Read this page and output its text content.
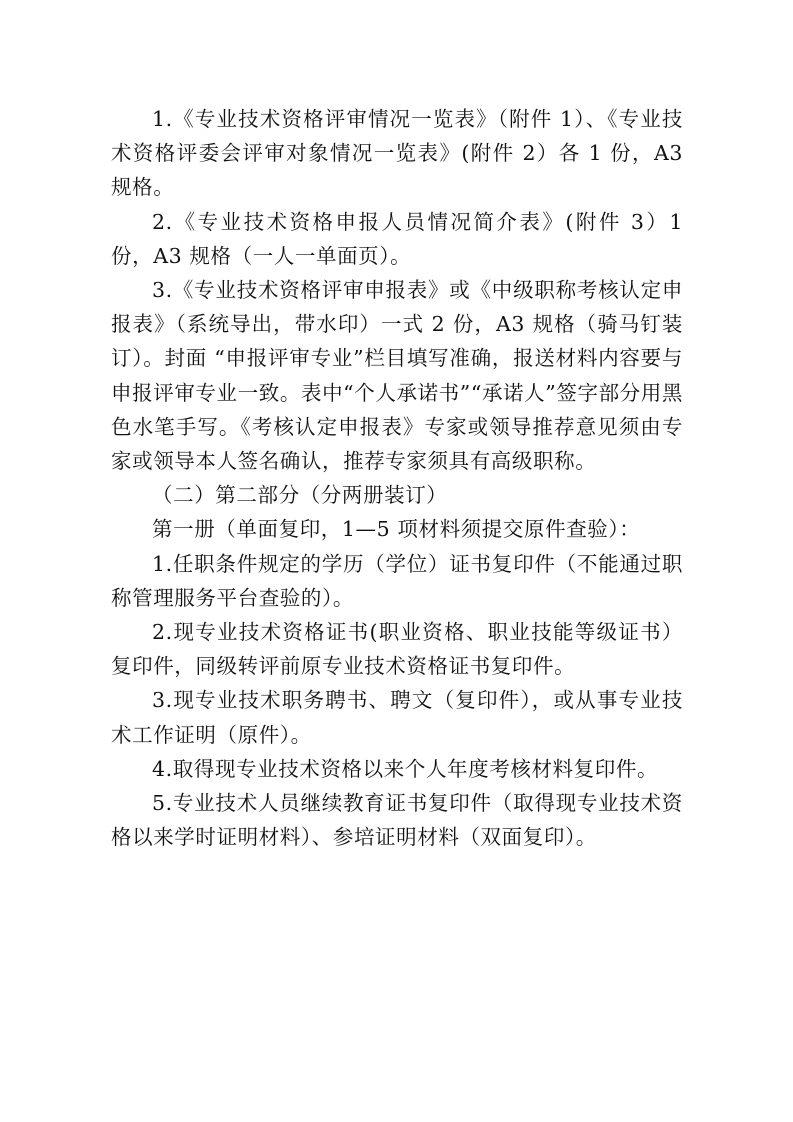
1.《专业技术资格评审情况一览表》（附件 1）、《专业技术资格评委会评审对象情况一览表》(附件 2）各 1 份，A3 规格。

2.《专业技术资格申报人员情况简介表》(附件 3）1 份，A3 规格（一人一单面页）。

3.《专业技术资格评审申报表》或《中级职称考核认定申报表》（系统导出，带水印）一式 2 份，A3 规格（骑马钉装订）。封面 “申报评审专业”栏目填写准确，报送材料内容要与申报评审专业一致。表中“个人承诺书”“承诺人”签字部分用黑色水笔手写。《考核认定申报表》专家或领导推荐意见须由专家或领导本人签名确认，推荐专家须具有高级职称。

（二）第二部分（分两册装订）

第一册（单面复印，1—5 项材料须提交原件查验）：

1.任职条件规定的学历（学位）证书复印件（不能通过职称管理服务平台查验的）。

2.现专业技术资格证书(职业资格、职业技能等级证书）复印件，同级转评前原专业技术资格证书复印件。

3.现专业技术职务聘书、聘文（复印件），或从事专业技术工作证明（原件）。

4.取得现专业技术资格以来个人年度考核材料复印件。

5.专业技术人员继续教育证书复印件（取得现专业技术资格以来学时证明材料）、参培证明材料（双面复印）。
